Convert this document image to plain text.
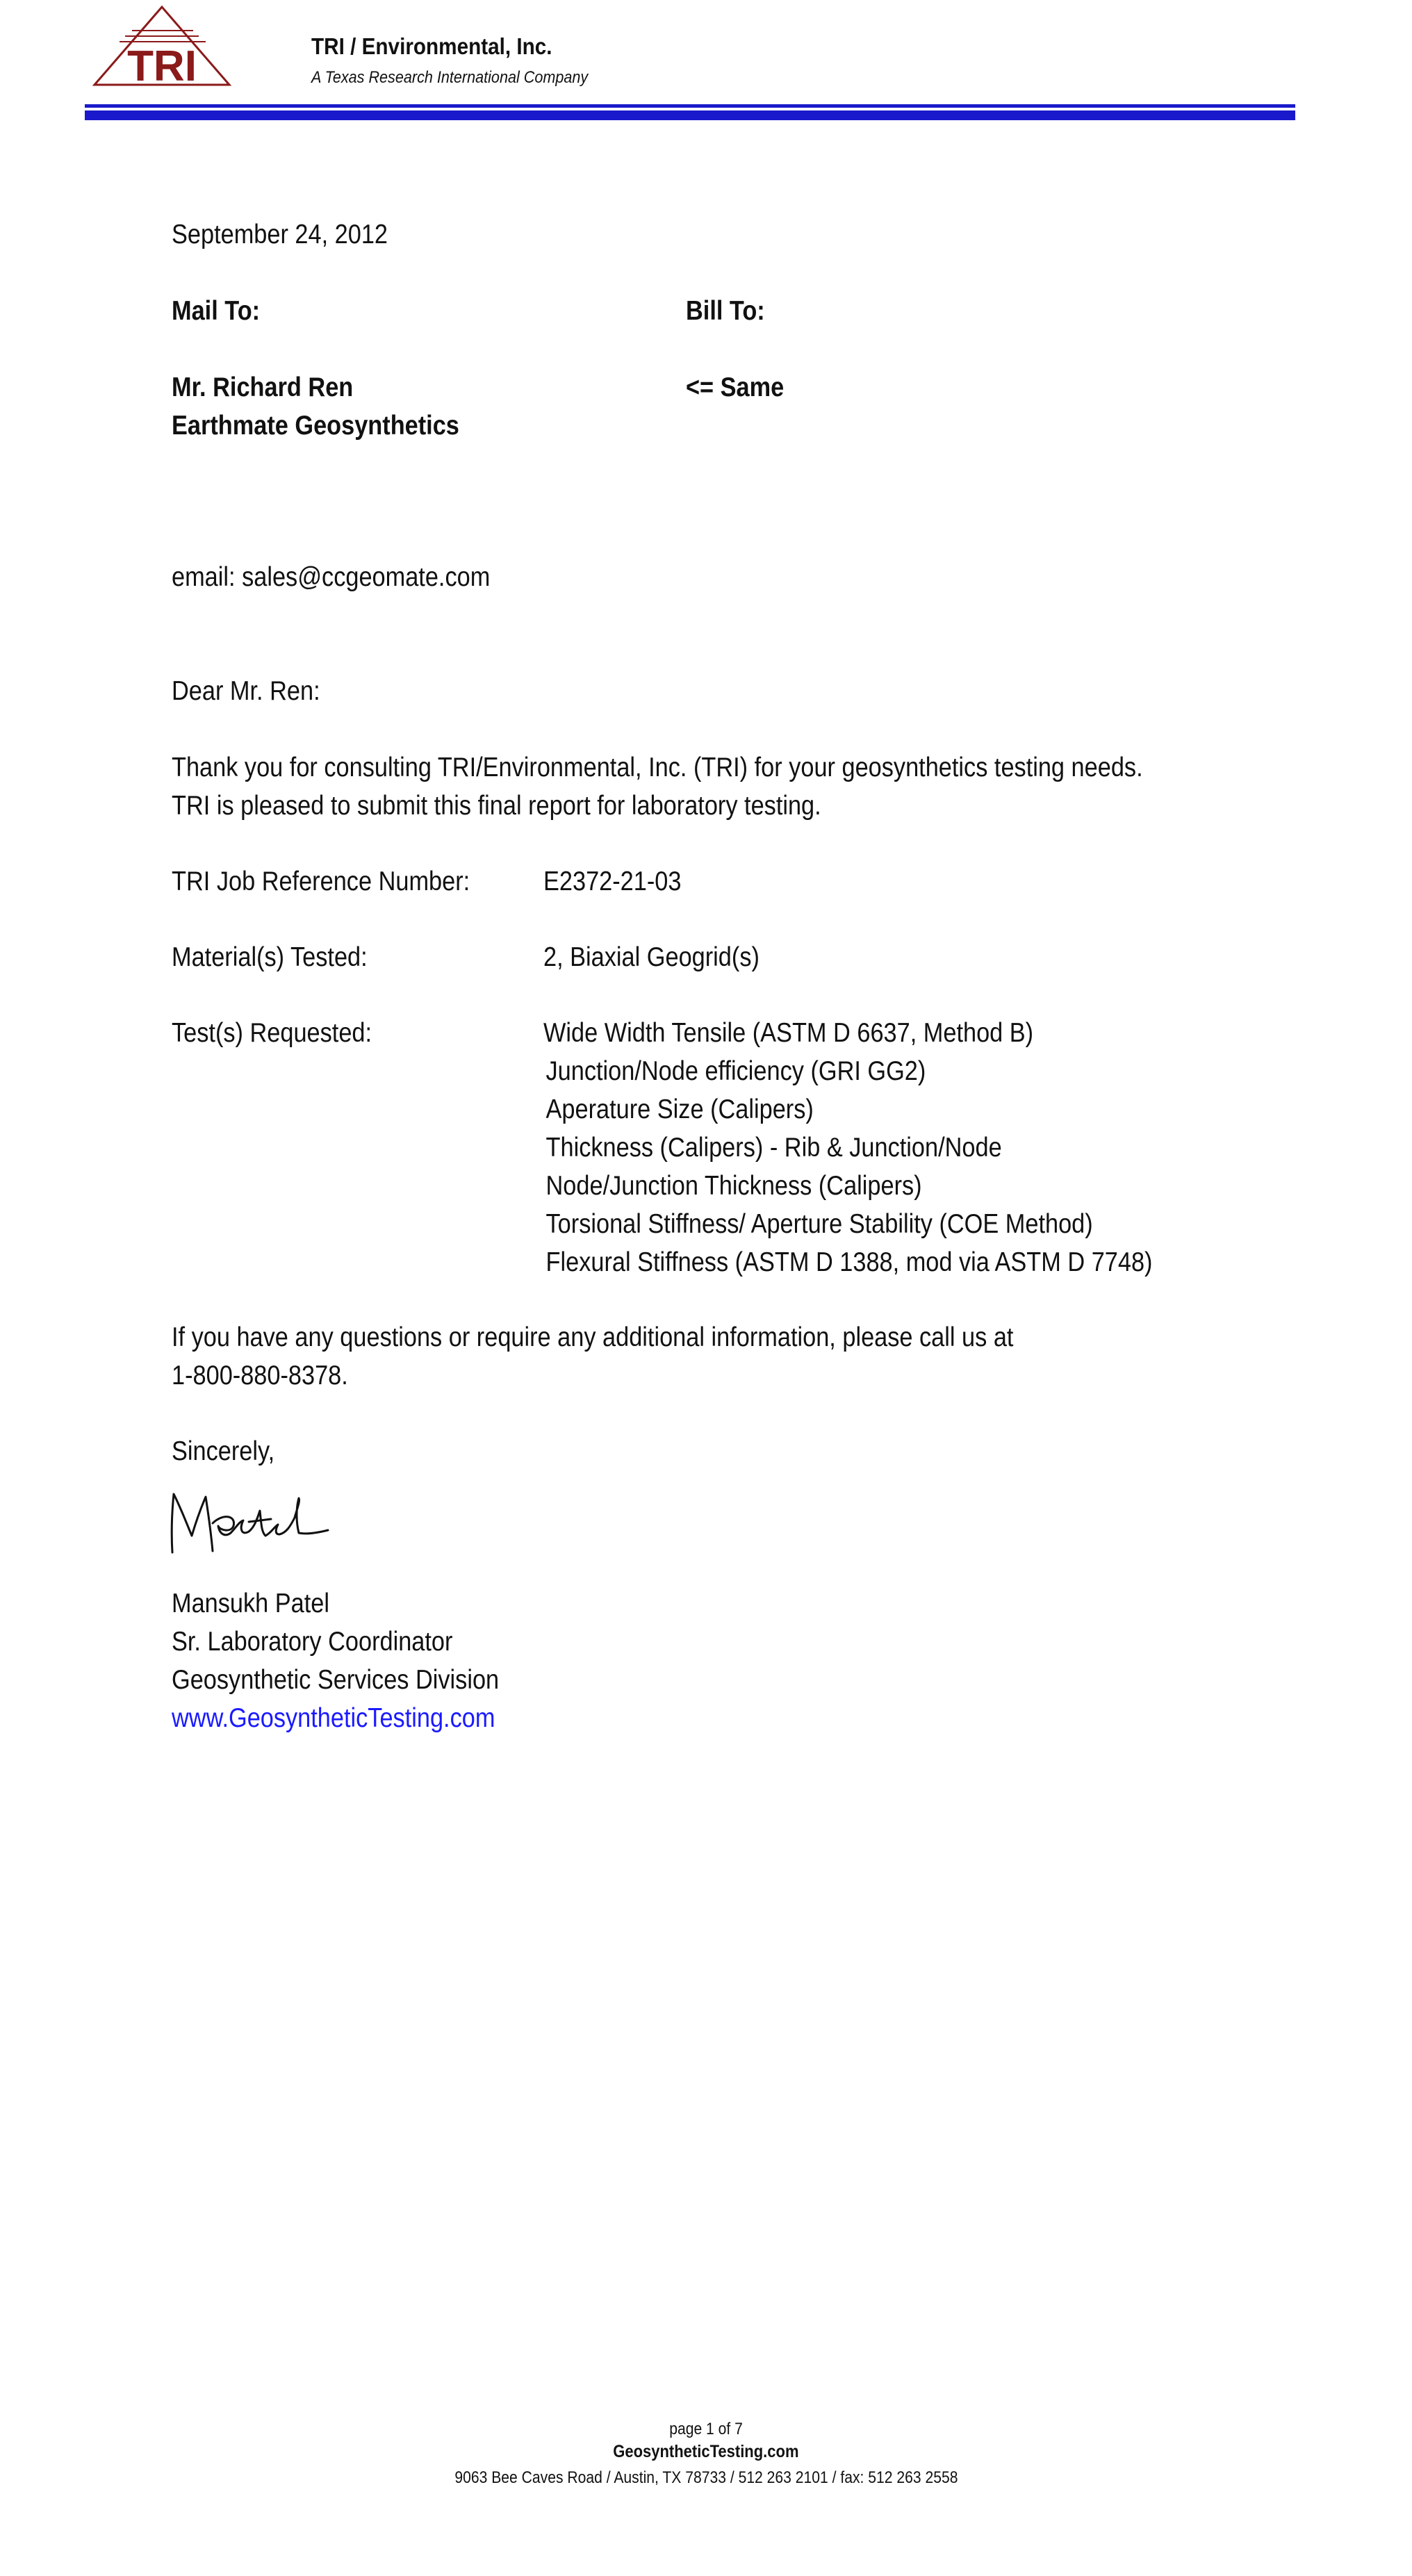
TRI	TRI / Environmental, Inc.
A Texas Research International Company
September 24, 2012
Mail To:	Bill To:
Mr. Richard Ren	<= Same
Earthmate Geosynthetics
email: sales@ccgeomate.com
Dear Mr. Ren:
Thank you for consulting TRI/Environmental, Inc. (TRI) for your geosynthetics testing needs.
TRI is pleased to submit this final report for laboratory testing.
TRI Job Reference Number:	E2372-21-03
Material(s) Tested:	2, Biaxial Geogrid(s)
Test(s) Requested:	Wide Width Tensile (ASTM D 6637, Method B)
Junction/Node efficiency (GRI GG2)
Aperature Size (Calipers)
Thickness (Calipers) - Rib & Junction/Node
Node/Junction Thickness (Calipers)
Torsional Stiffness/ Aperture Stability (COE Method)
Flexural Stiffness (ASTM D 1388, mod via ASTM D 7748)
If you have any questions or require any additional information, please call us at
1-800-880-8378.
Sincerely,
Mansukh Patel
Sr. Laboratory Coordinator
Geosynthetic Services Division
www.GeosyntheticTesting.com
page 1 of 7
GeosyntheticTesting.com
9063 Bee Caves Road / Austin, TX 78733 / 512 263 2101 / fax: 512 263 2558
